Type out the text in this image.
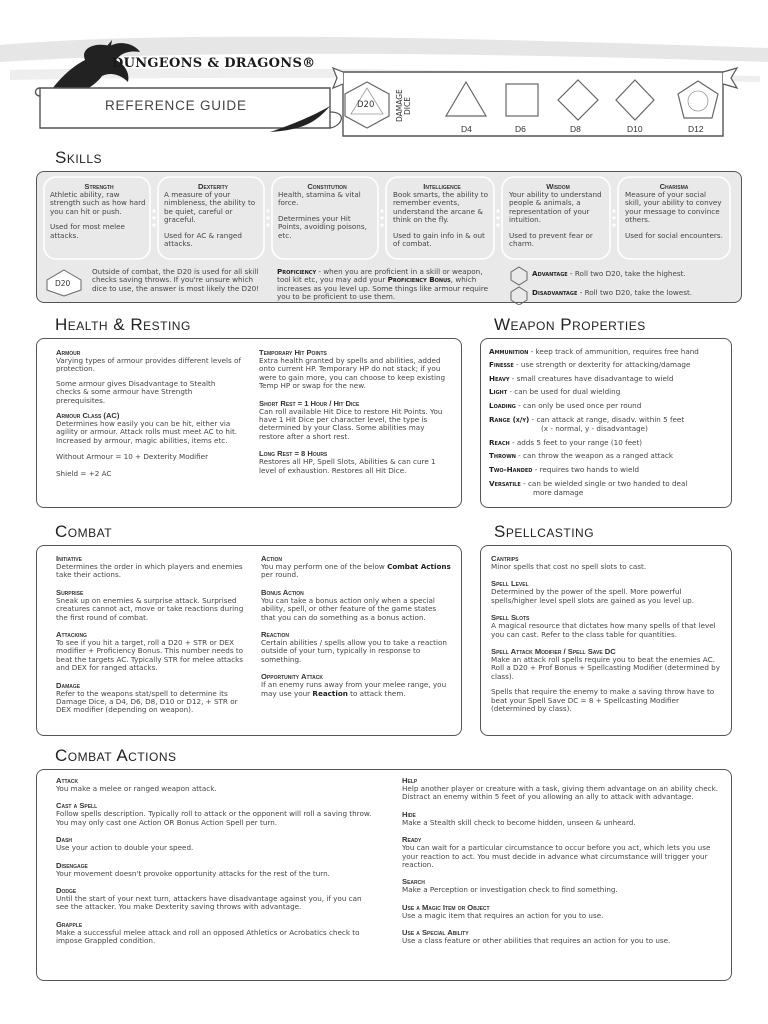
DUNGEONS & DRAGONS®
REFERENCE GUIDE	D20	DAMAGE DICE
D4	D6	D8	D10	D12
Skills
Strength
Athletic ability, raw strength such as how hard you can hit or push.
Used for most melee attacks.
Dexterity
A measure of your nimbleness, the ability to be quiet, careful or graceful.
Used for AC & ranged attacks.
Constitution
Health, stamina & vital force.
Determines your Hit Points, avoiding poisons, etc.
Intelligence
Book smarts, the ability to remember events, understand the arcane & think on the fly.
Used to gain info in & out of combat.
Wisdom
Your ability to understand people & animals, a representation of your intuition.
Used to prevent fear or charm.
Charisma
Measure of your social skill, your ability to convey your message to convince others.
Used for social encounters.
D20
Outside of combat, the D20 is used for all skill checks saving throws. If you're unsure which dice to use, the answer is most likely the D20!
Proficiency - when you are proficient in a skill or weapon, tool kit etc, you may add your Proficiency Bonus, which increases as you level up. Some things like armour require you to be proficient to use them.
Advantage - Roll two D20, take the highest.
Disadvantage - Roll two D20, take the lowest.
Health & Resting
Armour
Varying types of armour provides different levels of protection.
Some armour gives Disadvantage to Stealth checks & some armour have Strength prerequisites.
Armour Class (AC)
Determines how easily you can be hit, either via agility or armour. Attack rolls must meet AC to hit. Increased by armour, magic abilities, items etc.
Without Armour = 10 + Dexterity Modifier
Shield = +2 AC
Temporary Hit Points
Extra health granted by spells and abilities, added onto current HP. Temporary HP do not stack; if you were to gain more, you can choose to keep existing Temp HP or swap for the new.
Short Rest = 1 Hour / Hit Dice
Can roll available Hit Dice to restore Hit Points. You have 1 Hit Dice per character level, the type is determined by your Class. Some abilities may restore after a short rest.
Long Rest = 8 Hours
Restores all HP, Spell Slots, Abilities & can cure 1 level of exhaustion. Restores all Hit Dice.
Weapon Properties
Ammunition - keep track of ammunition, requires free hand
Finesse - use strength or dexterity for attacking/damage
Heavy - small creatures have disadvantage to wield
Light - can be used for dual wielding
Loading - can only be used once per round
Range (x/y) - can attack at range, disadv. within 5 feet
(x - normal, y - disadvantage)
Reach - adds 5 feet to your range (10 feet)
Thrown - can throw the weapon as a ranged attack
Two-Handed - requires two hands to wield
Versatile - can be wielded single or two handed to deal
more damage
Combat
Initiative
Determines the order in which players and enemies take their actions.
Surprise
Sneak up on enemies & surprise attack. Surprised creatures cannot act, move or take reactions during the first round of combat.
Attacking
To see if you hit a target, roll a D20 + STR or DEX modifier + Proficiency Bonus. This number needs to beat the targets AC. Typically STR for melee attacks and DEX for ranged attacks.
Damage
Refer to the weapons stat/spell to determine its Damage Dice, a D4, D6, D8, D10 or D12, + STR or DEX modifier (depending on weapon).
Action
You may perform one of the below Combat Actions per round.
Bonus Action
You can take a bonus action only when a special ability, spell, or other feature of the game states that you can do something as a bonus action.
Reaction
Certain abilities / spells allow you to take a reaction outside of your turn, typically in response to something.
Opportunity Attack
If an enemy runs away from your melee range, you may use your Reaction to attack them.
Spellcasting
Cantrips
Minor spells that cost no spell slots to cast.
Spell Level
Determined by the power of the spell. More powerful spells/higher level spell slots are gained as you level up.
Spell Slots
A magical resource that dictates how many spells of that level you can cast. Refer to the class table for quantities.
Spell Attack Modifier / Spell Save DC
Make an attack roll spells require you to beat the enemies AC. Roll a D20 + Prof Bonus + Spellcasting Modifier (determined by class).
Spells that require the enemy to make a saving throw have to beat your Spell Save DC = 8 + Spellcasting Modifier (determined by class).
Combat Actions
Attack
You make a melee or ranged weapon attack.
Cast a Spell
Follow spells description. Typically roll to attack or the opponent will roll a saving throw. You may only cast one Action OR Bonus Action Spell per turn.
Dash
Use your action to double your speed.
Disengage
Your movement doesn't provoke opportunity attacks for the rest of the turn.
Dodge
Until the start of your next turn, attackers have disadvantage against you, if you can see the attacker. You make Dexterity saving throws with advantage.
Grapple
Make a successful melee attack and roll an opposed Athletics or Acrobatics check to impose Grappled condition.
Help
Help another player or creature with a task, giving them advantage on an ability check. Distract an enemy within 5 feet of you allowing an ally to attack with advantage.
Hide
Make a Stealth skill check to become hidden, unseen & unheard.
Ready
You can wait for a particular circumstance to occur before you act, which lets you use your reaction to act. You must decide in advance what circumstance will trigger your reaction.
Search
Make a Perception or investigation check to find something.
Use a Magic Item or Object
Use a magic item that requires an action for you to use.
Use a Special Ability
Use a class feature or other abilities that requires an action for you to use.
